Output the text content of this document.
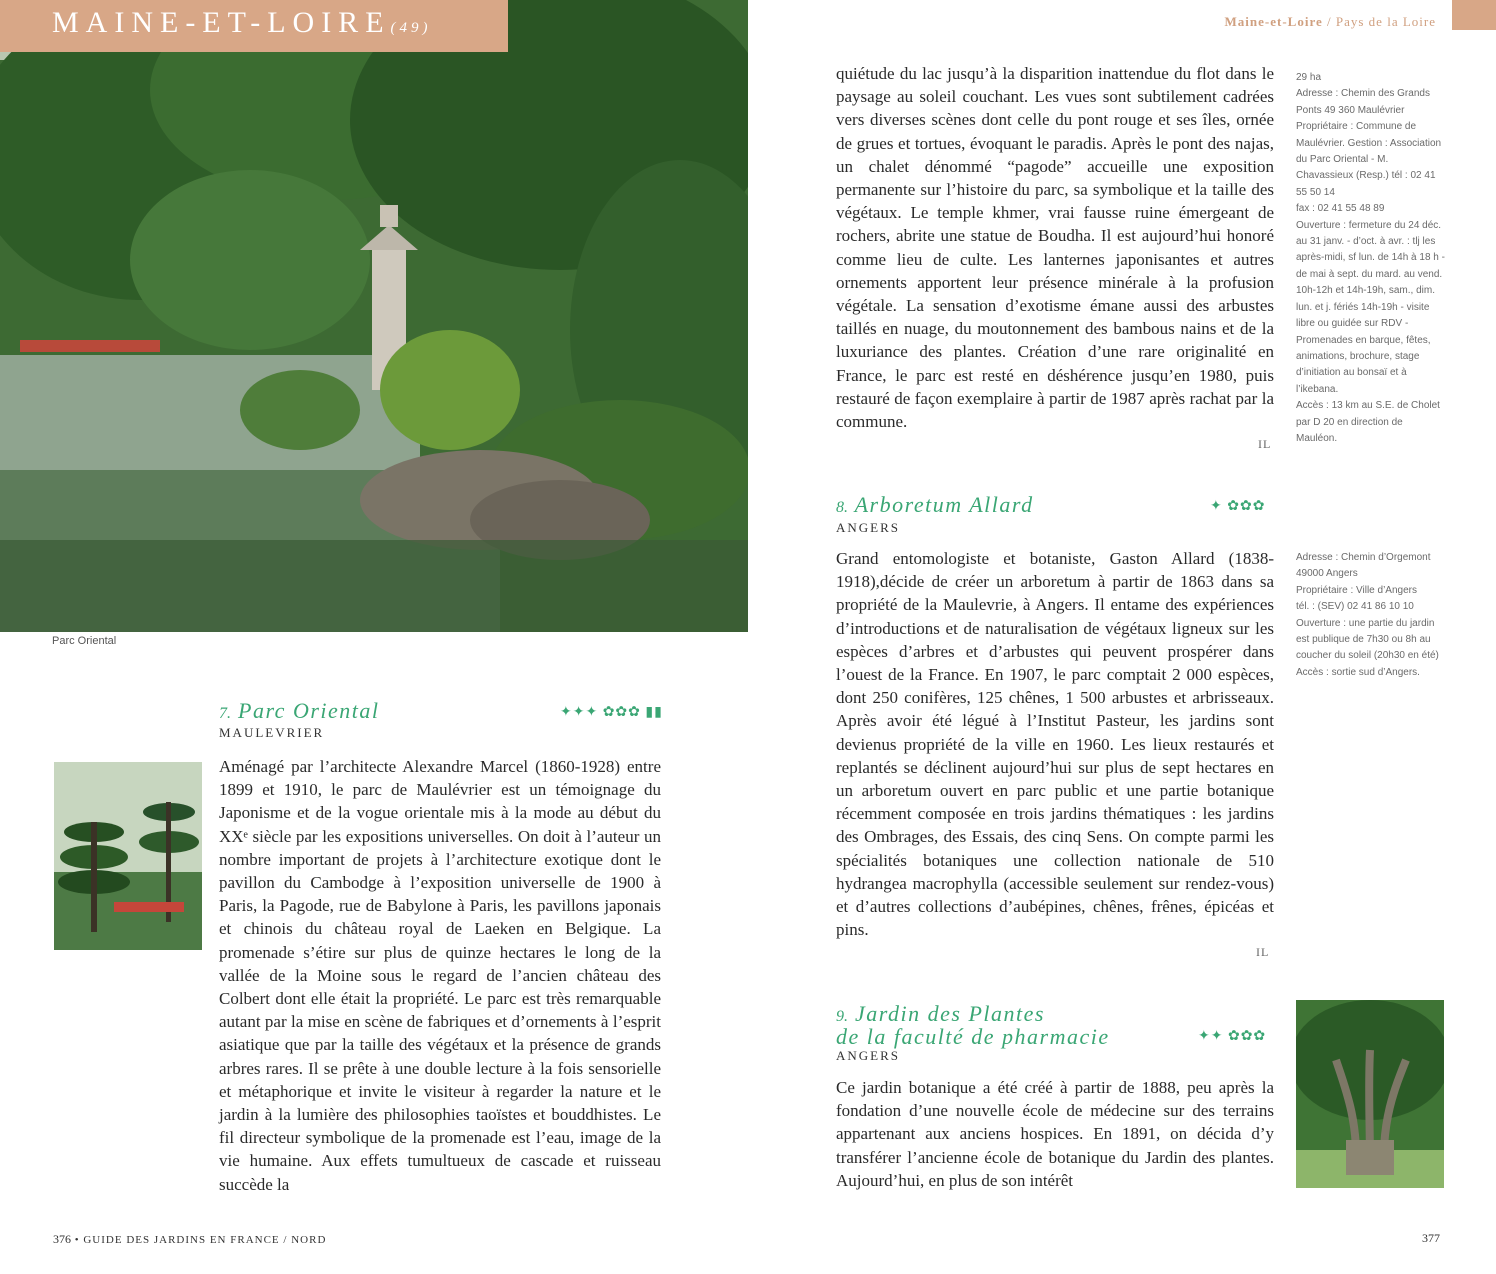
Parc Oriental
MAINE-ET-LOIRE(49)	Maine-et-Loire / Pays de la Loire
7. Parc Oriental	✦✦✦ ✿✿✿ ▮▮
MAULEVRIER

Aménagé par l’architecte Alexandre Marcel (1860-1928) entre 1899 et 1910, le parc de Maulévrier est un témoignage du Japonisme et de la vogue orientale mis à la mode au début du XXᵉ siècle par les expositions universelles. On doit à l’auteur un nombre important de projets à l’architecture exotique dont le pavillon du Cambodge à l’exposition universelle de 1900 à Paris, la Pagode, rue de Babylone à Paris, les pavillons japonais et chinois du château royal de Laeken en Belgique. La promenade s’étire sur plus de quinze hectares le long de la vallée de la Moine sous le regard de l’ancien château des Colbert dont elle était la propriété. Le parc est très remarquable autant par la mise en scène de fabriques et d’ornements à l’esprit asiatique que par la taille des végétaux et la présence de grands arbres rares. Il se prête à une double lecture à la fois sensorielle et métaphorique et invite le visiteur à regarder la nature et le jardin à la lumière des philosophies taoïstes et bouddhistes. Le fil directeur symbolique de la promenade est l’eau, image de la vie humaine. Aux effets tumultueux de cascade et ruisseau succède la

quiétude du lac jusqu’à la disparition inattendue du flot dans le paysage au soleil couchant. Les vues sont subtilement cadrées vers diverses scènes dont celle du pont rouge et ses îles, ornée de grues et tortues, évoquant le paradis. Après le pont des najas, un chalet dénommé “pagode” accueille une exposition permanente sur l’histoire du parc, sa symbolique et la taille des végétaux. Le temple khmer, vrai fausse ruine émergeant de rochers, abrite une statue de Boudha. Il est aujourd’hui honoré comme lieu de culte. Les lanternes japonisantes et autres ornements apportent leur présence minérale à la profusion végétale. La sensation d’exotisme émane aussi des arbustes taillés en nuage, du moutonnement des bambous nains et de la luxuriance des plantes. Création d’une rare originalité en France, le parc est resté en déshérence jusqu’en 1980, puis restauré de façon exemplaire à partir de 1987 après rachat par la commune.

IL

29 ha
Adresse : Chemin des Grands Ponts 49 360 Maulévrier
Propriétaire : Commune de Maulévrier. Gestion : Association du Parc Oriental - M. Chavassieux (Resp.) tél : 02 41 55 50 14
fax : 02 41 55 48 89
Ouverture : fermeture du 24 déc. au 31 janv. - d’oct. à avr. : tlj les après-midi, sf lun. de 14h à 18 h - de mai à sept. du mard. au vend. 10h-12h et 14h-19h, sam., dim. lun. et j. fériés 14h-19h - visite libre ou guidée sur RDV - Promenades en barque, fêtes, animations, brochure, stage d’initiation au bonsaï et à l’ikebana.
Accès : 13 km au S.E. de Cholet par D 20 en direction de Mauléon.

8. Arboretum Allard	✦ ✿✿✿
ANGERS

Grand entomologiste et botaniste, Gaston Allard (1838-1918),décide de créer un arboretum à partir de 1863 dans sa propriété de la Maulevrie, à Angers. Il entame des expériences d’introductions et de naturalisation de végétaux ligneux sur les espèces d’arbres et d’arbustes qui peuvent prospérer dans l’ouest de la France. En 1907, le parc comptait 2 000 espèces, dont 250 conifères, 125 chênes, 1 500 arbustes et arbrisseaux. Après avoir été légué à l’Institut Pasteur, les jardins sont devienus propriété de la ville en 1960. Les lieux restaurés et replantés se déclinent aujourd’hui sur plus de sept hectares en un arboretum ouvert en parc public et une partie botanique récemment composée en trois jardins thématiques : les jardins des Ombrages, des Essais, des cinq Sens. On compte parmi les spécialités botaniques une collection nationale de 510 hydrangea macrophylla (accessible seulement sur rendez-vous) et d’autres collections d’aubépines, chênes, frênes, épicéas et pins.

IL

Adresse : Chemin d’Orgemont 49000 Angers
Propriétaire : Ville d’Angers
tél. : (SEV) 02 41 86 10 10
Ouverture : une partie du jardin est publique de 7h30 ou 8h au coucher du soleil (20h30 en été)
Accès : sortie sud d’Angers.

9. Jardin des Plantes
de la faculté de pharmacie	✦✦ ✿✿✿
ANGERS

Ce jardin botanique a été créé à partir de 1888, peu après la fondation d’une nouvelle école de médecine sur des terrains appartenant aux anciens hospices. En 1891, on décida d’y transférer l’ancienne école de botanique du Jardin des plantes. Aujourd’hui, en plus de son intérêt

376 • GUIDE DES JARDINS EN FRANCE / NORD	377
